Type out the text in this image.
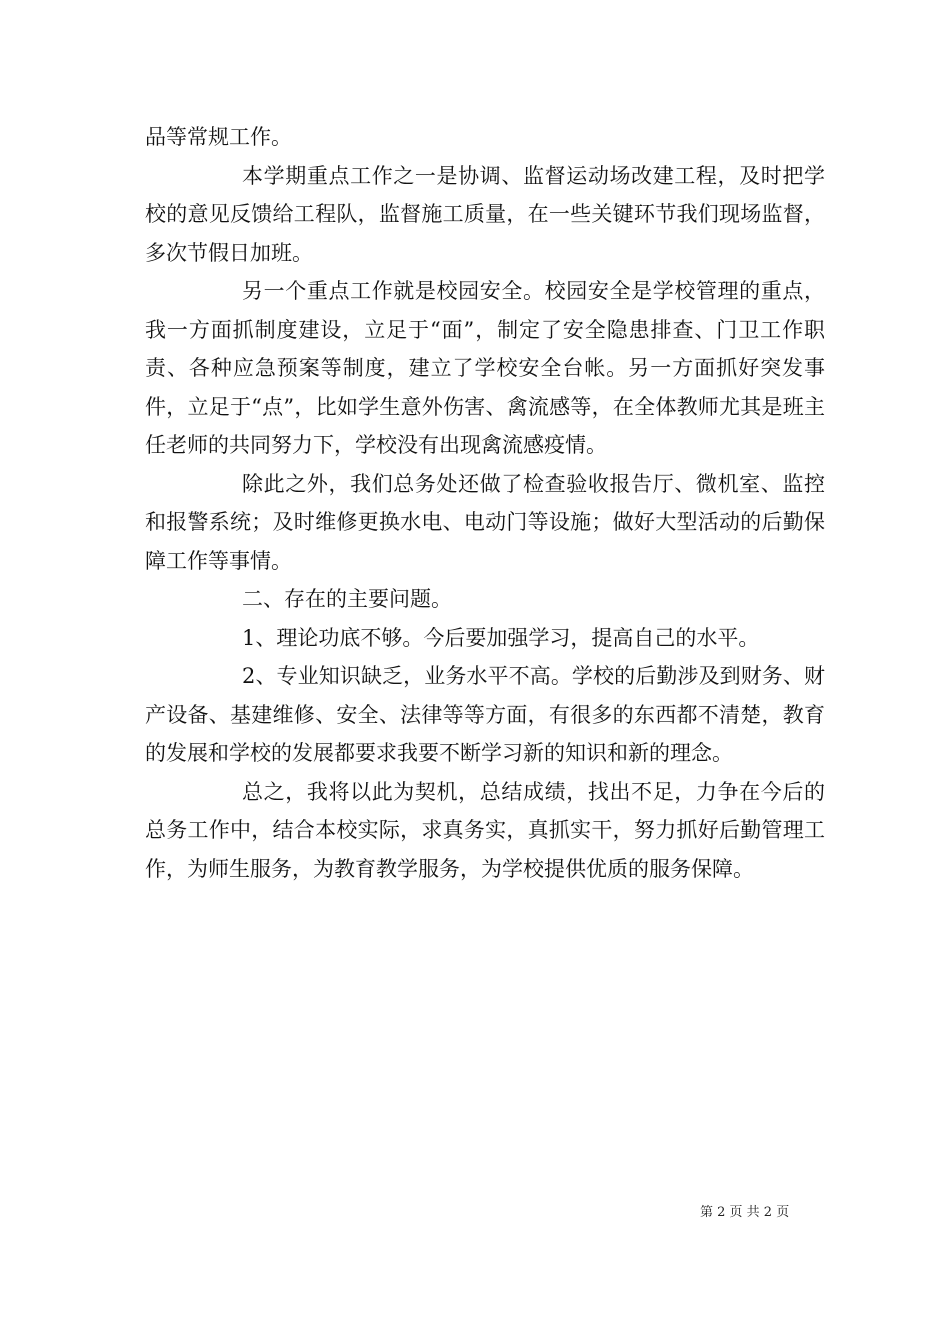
品等常规工作。

本学期重点工作之一是协调、监督运动场改建工程，及时把学校的意见反馈给工程队，监督施工质量，在一些关键环节我们现场监督，多次节假日加班。

另一个重点工作就是校园安全。校园安全是学校管理的重点，我一方面抓制度建设，立足于“面”，制定了安全隐患排查、门卫工作职责、各种应急预案等制度，建立了学校安全台帐。另一方面抓好突发事件，立足于“点”，比如学生意外伤害、禽流感等，在全体教师尤其是班主任老师的共同努力下，学校没有出现禽流感疫情。

除此之外，我们总务处还做了检查验收报告厅、微机室、监控和报警系统；及时维修更换水电、电动门等设施；做好大型活动的后勤保障工作等事情。

二、存在的主要问题。

1、理论功底不够。今后要加强学习，提高自己的水平。

2、专业知识缺乏，业务水平不高。学校的后勤涉及到财务、财产设备、基建维修、安全、法律等等方面，有很多的东西都不清楚，教育的发展和学校的发展都要求我要不断学习新的知识和新的理念。

总之，我将以此为契机，总结成绩，找出不足，力争在今后的总务工作中，结合本校实际，求真务实，真抓实干，努力抓好后勤管理工作，为师生服务，为教育教学服务，为学校提供优质的服务保障。

第 2 页 共 2 页
